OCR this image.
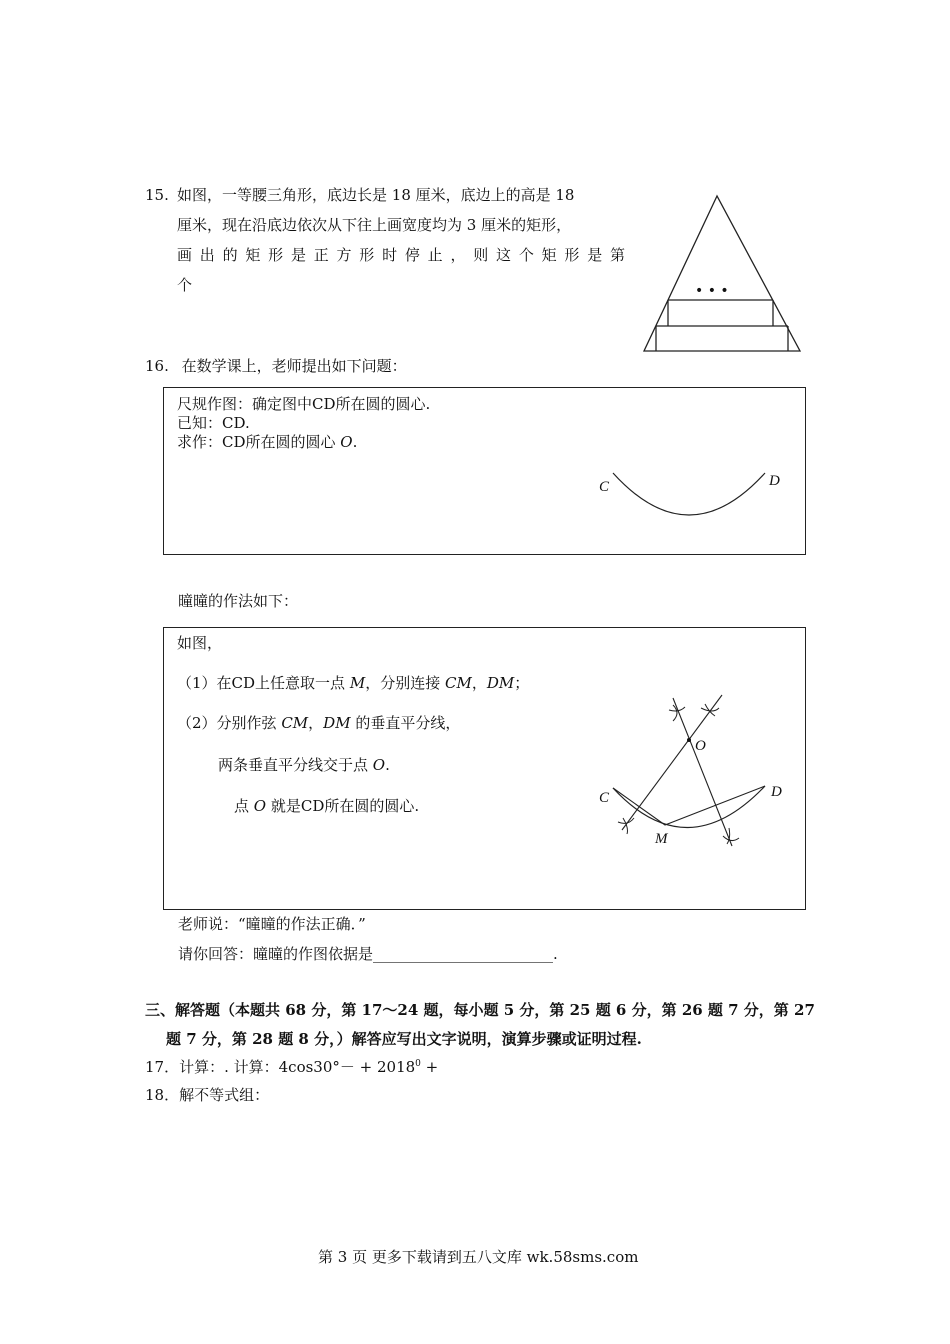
15. 如图，一等腰三角形，底边长是 18 厘米，底边上的高是 18
厘米，现在沿底边依次从下往上画宽度均为 3 厘米的矩形，
画出的矩形是正方形时停止，则这个矩形是第
个	• • •
16. 在数学课上，老师提出如下问题：
尺规作图：确定图中CD所在圆的圆心.
已知：CD.
求作：CD所在圆的圆心 O.
C	D
曈曈的作法如下：
如图，
（1）在CD上任意取一点 M，分别连接 CM，DM；
（2）分别作弦 CM，DM 的垂直平分线，
两条垂直平分线交于点 O.
点 O 就是CD所在圆的圆心.
O
C	D
M
老师说：“曈曈的作法正确．”
请你回答：曈曈的作图依据是________________________.
三、解答题（本题共 68 分，第 17～24 题，每小题 5 分，第 25 题 6 分，第 26 题 7 分，第 27
题 7 分，第 28 题 8 分，）解答应写出文字说明，演算步骤或证明过程.
17．计算：. 计算：$4\cos 30^\circ- + 2018^0$ +
18．解不等式组：
第 3 页 更多下载请到五八文库 wk.58sms.com
